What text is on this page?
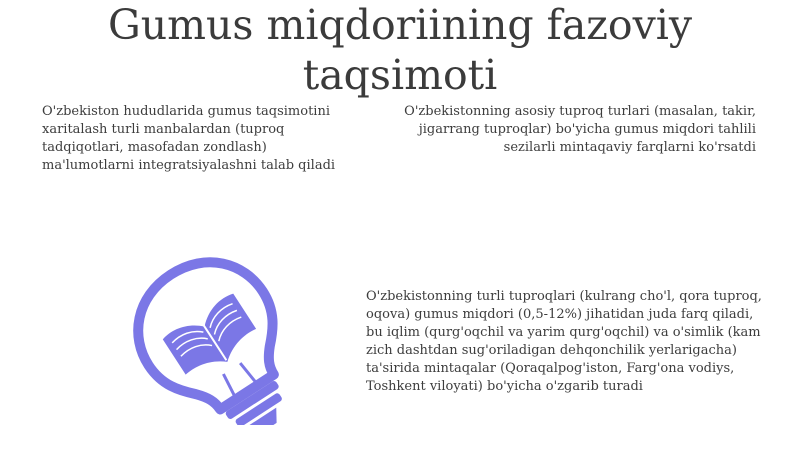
Gumus miqdoriining fazoviy taqsimoti

O'zbekiston hududlarida gumus taqsimotini xaritalash turli manbalardan (tuproq tadqiqotlari, masofadan zondlash) ma'lumotlarni integratsiyalashni talab qiladi

O'zbekistonning asosiy tuproq turlari (masalan, takir, jigarrang tuproqlar) bo'yicha gumus miqdori tahlili sezilarli mintaqaviy farqlarni ko'rsatdi

O'zbekistonning turli tuproqlari (kulrang cho'l, qora tuproq, oqova) gumus miqdori (0,5-12%) jihatidan juda farq qiladi, bu iqlim (qurg'oqchil va yarim qurg'oqchil) va o'simlik (kam zich dashtdan sug'oriladigan dehqonchilik yerlarigacha) ta'sirida mintaqalar (Qoraqalpog'iston, Farg'ona vodiys, Toshkent viloyati) bo'yicha o'zgarib turadi
